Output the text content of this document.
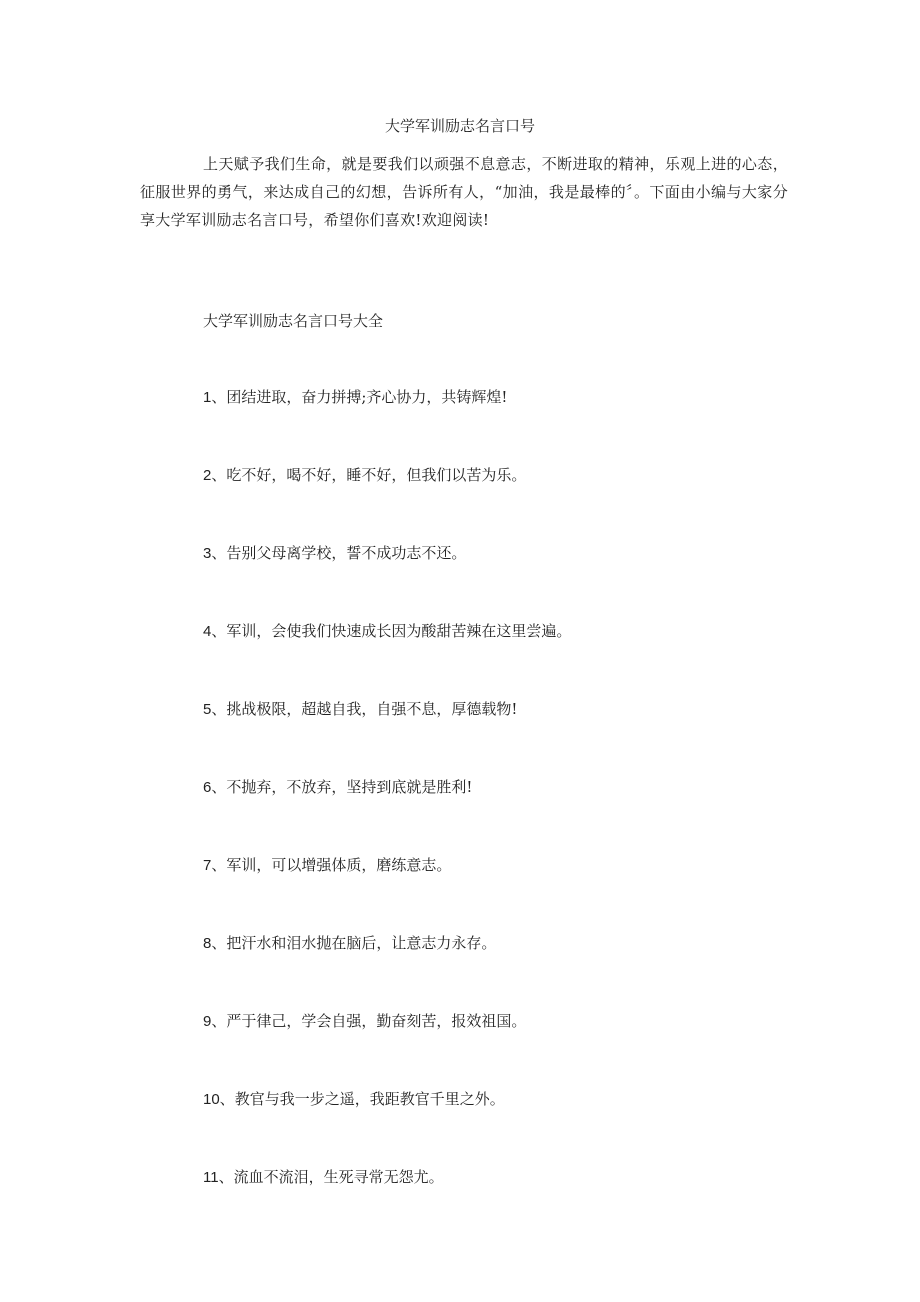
大学军训励志名言口号

上天赋予我们生命，就是要我们以顽强不息意志，不断进取的精神，乐观上进的心态，征服世界的勇气，来达成自己的幻想，告诉所有人，“加油，我是最棒的〞。下面由小编与大家分享大学军训励志名言口号，希望你们喜欢!欢迎阅读!

大学军训励志名言口号大全
1、团结进取，奋力拼搏;齐心协力，共铸辉煌!
2、吃不好，喝不好，睡不好，但我们以苦为乐。
3、告别父母离学校，誓不成功志不还。
4、军训，会使我们快速成长因为酸甜苦辣在这里尝遍。
5、挑战极限，超越自我，自强不息，厚德载物!
6、不抛弃，不放弃，坚持到底就是胜利!
7、军训，可以增强体质，磨练意志。
8、把汗水和泪水抛在脑后，让意志力永存。
9、严于律己，学会自强，勤奋刻苦，报效祖国。
10、教官与我一步之遥，我距教官千里之外。
11、流血不流泪，生死寻常无怨尤。
